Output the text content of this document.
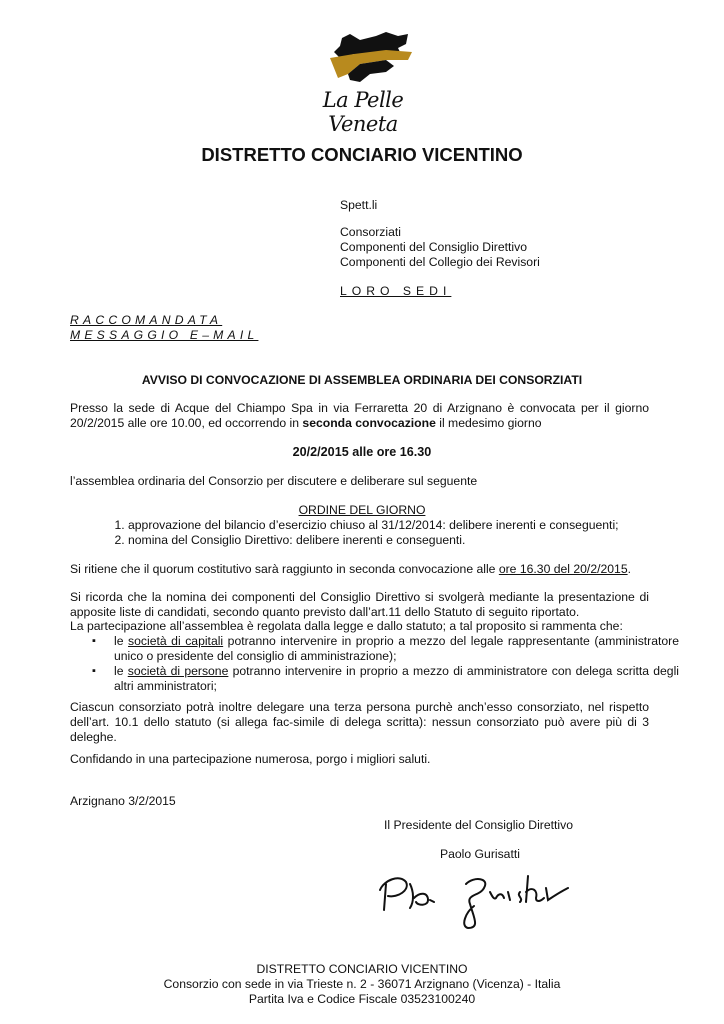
La Pelle Veneta
DISTRETTO CONCIARIO VICENTINO
Spett.li
Consorziati
Componenti del Consiglio Direttivo
Componenti del Collegio dei Revisori
LORO SEDI
RACCOMANDATA
MESSAGGIO E–MAIL
AVVISO DI CONVOCAZIONE DI ASSEMBLEA ORDINARIA DEI CONSORZIATI
Presso la sede di Acque del Chiampo Spa in via Ferraretta 20 di Arzignano è convocata per il giorno 20/2/2015 alle ore 10.00, ed occorrendo in seconda convocazione il medesimo giorno
20/2/2015 alle ore 16.30
l’assemblea ordinaria del Consorzio per discutere e deliberare sul seguente
ORDINE DEL GIORNO
1. approvazione del bilancio d’esercizio chiuso al 31/12/2014: delibere inerenti e conseguenti;
2. nomina del Consiglio Direttivo: delibere inerenti e conseguenti.
Si ritiene che il quorum costitutivo sarà raggiunto in seconda convocazione alle ore 16.30 del 20/2/2015.
Si ricorda che la nomina dei componenti del Consiglio Direttivo si svolgerà mediante la presentazione di apposite liste di candidati, secondo quanto previsto dall’art.11 dello Statuto di seguito riportato.
La partecipazione all’assemblea è regolata dalla legge e dallo statuto; a tal proposito si rammenta che:
▪ le società di capitali potranno intervenire in proprio a mezzo del legale rappresentante (amministratore unico o presidente del consiglio di amministrazione);
▪ le società di persone potranno intervenire in proprio a mezzo di amministratore con delega scritta degli altri amministratori;
Ciascun consorziato potrà inoltre delegare una terza persona purchè anch’esso consorziato, nel rispetto dell’art. 10.1 dello statuto (si allega fac-simile di delega scritta): nessun consorziato può avere più di 3 deleghe.
Confidando in una partecipazione numerosa, porgo i migliori saluti.
Arzignano 3/2/2015
Il Presidente del Consiglio Direttivo
Paolo Gurisatti
DISTRETTO CONCIARIO VICENTINO
Consorzio con sede in via Trieste n. 2 - 36071 Arzignano (Vicenza) - Italia
Partita Iva e Codice Fiscale 03523100240
